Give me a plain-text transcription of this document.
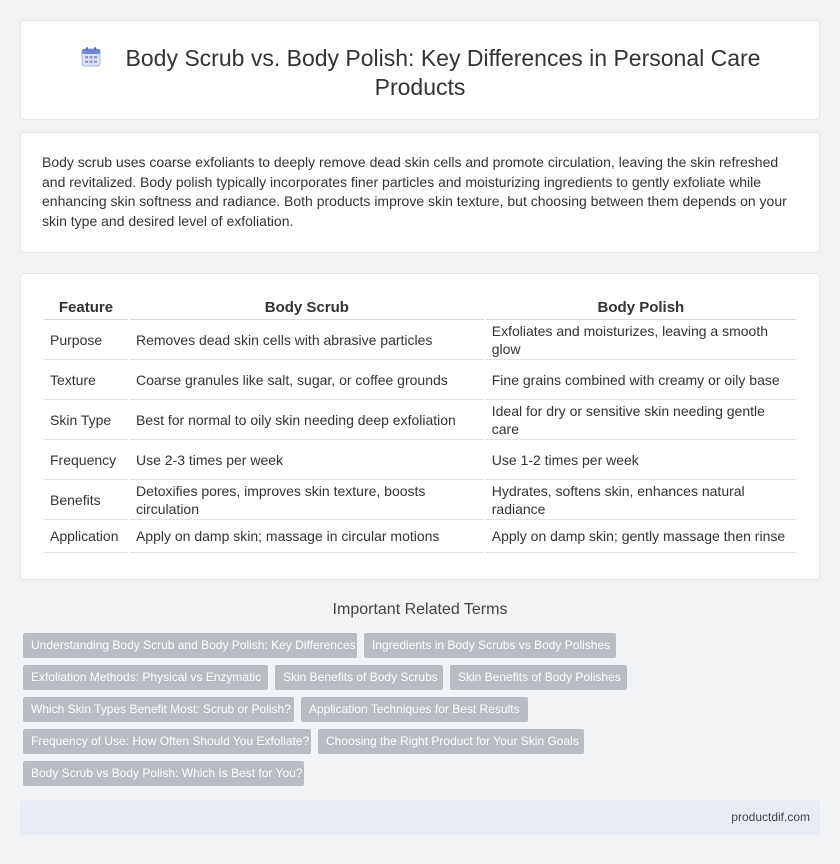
Body Scrub vs. Body Polish: Key Differences in Personal Care
Products

Body scrub uses coarse exfoliants to deeply remove dead skin cells and promote circulation, leaving the skin refreshed and revitalized. Body polish typically incorporates finer particles and moisturizing ingredients to gently exfoliate while enhancing skin softness and radiance. Both products improve skin texture, but choosing between them depends on your skin type and desired level of exfoliation.

Feature	Body Scrub	Body Polish
Purpose	Removes dead skin cells with abrasive particles	Exfoliates and moisturizes, leaving a smooth glow
Texture	Coarse granules like salt, sugar, or coffee grounds	Fine grains combined with creamy or oily base
Skin Type	Best for normal to oily skin needing deep exfoliation	Ideal for dry or sensitive skin needing gentle care
Frequency	Use 2-3 times per week	Use 1-2 times per week
Benefits	Detoxifies pores, improves skin texture, boosts circulation	Hydrates, softens skin, enhances natural radiance
Application	Apply on damp skin; massage in circular motions	Apply on damp skin; gently massage then rinse
Important Related Terms
Understanding Body Scrub and Body Polish: Key Differences	Ingredients in Body Scrubs vs Body Polishes
Exfoliation Methods: Physical vs Enzymatic	Skin Benefits of Body Scrubs	Skin Benefits of Body Polishes
Which Skin Types Benefit Most: Scrub or Polish?	Application Techniques for Best Results
Frequency of Use: How Often Should You Exfoliate?	Choosing the Right Product for Your Skin Goals
Body Scrub vs Body Polish: Which Is Best for You?
productdif.com
